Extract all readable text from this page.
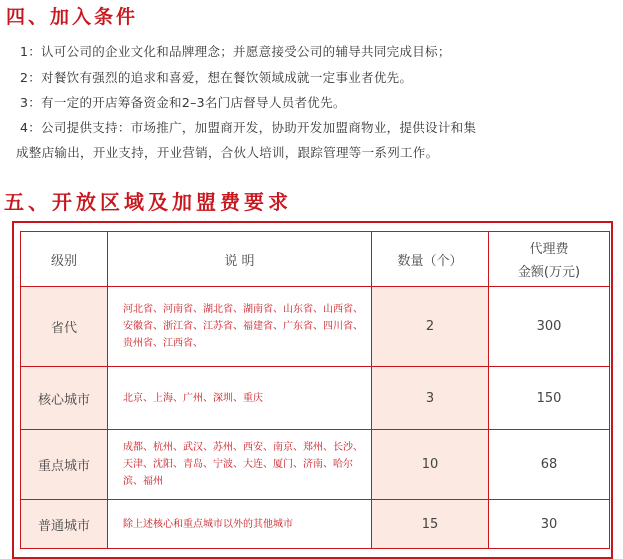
四、加入条件
1：认可公司的企业文化和品牌理念；并愿意接受公司的辅导共同完成目标；
2：对餐饮有强烈的追求和喜爱，想在餐饮领域成就一定事业者优先。
3：有一定的开店筹备资金和2–3名门店督导人员者优先。
4：公司提供支持：市场推广，加盟商开发，协助开发加盟商物业，提供设计和集
成整店输出，开业支持，开业营销，合伙人培训，跟踪管理等一系列工作。
五、开放区域及加盟费要求
级别	说 明	数量（个）	代理费
金额(万元)

省代	河北省、河南省、湖北省、湖南省、山东省、山西省、安徽省、浙江省、江苏省、福建省、广东省、四川省、贵州省、江西省、	2	300
核心城市	北京、上海、广州、深圳、重庆	3	150
重点城市	成都、杭州、武汉、苏州、西安、南京、郑州、长沙、天津、沈阳、青岛、宁波、大连、厦门、济南、哈尔滨、福州	10	68
普通城市	除上述核心和重点城市以外的其他城市	15	30
